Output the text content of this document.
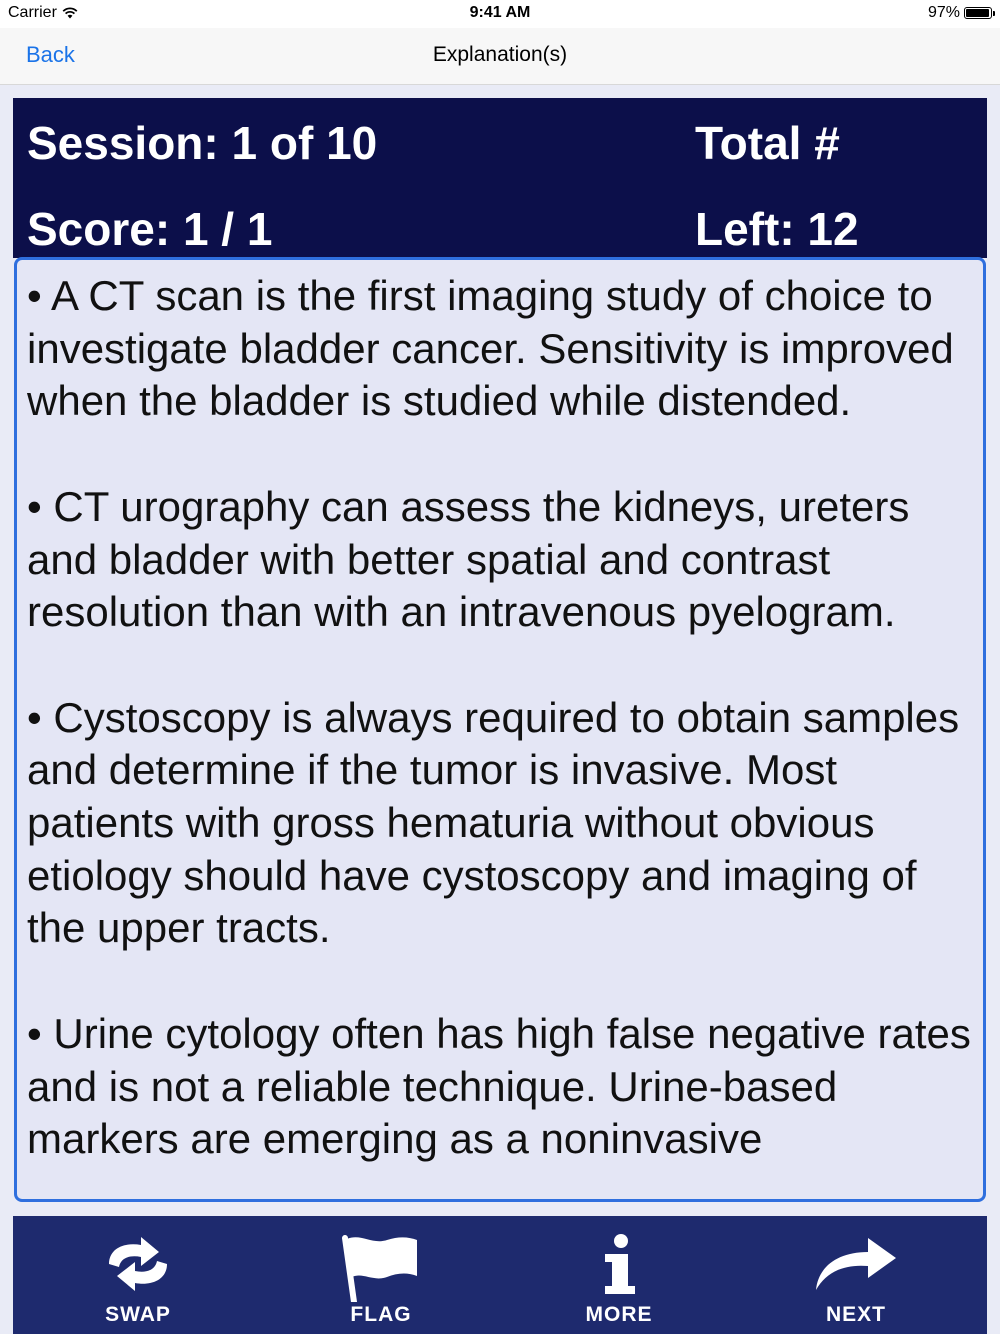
Carrier	9:41 AM	97%
Back	Explanation(s)
Session: 1 of 10	Total #
Score: 1 / 1	Left: 12

• A CT scan is the first imaging study of choice to investigate bladder cancer. Sensitivity is improved when the bladder is studied while distended.

• CT urography can assess the kidneys, ureters and bladder with better spatial and contrast resolution than with an intravenous pyelogram.

• Cystoscopy is always required to obtain samples and determine if the tumor is invasive. Most patients with gross hematuria without obvious etiology should have cystoscopy and imaging of the upper tracts.

• Urine cytology often has high false negative rates and is not a reliable technique. Urine-based markers are emerging as a noninvasive

SWAP	FLAG	MORE	NEXT
